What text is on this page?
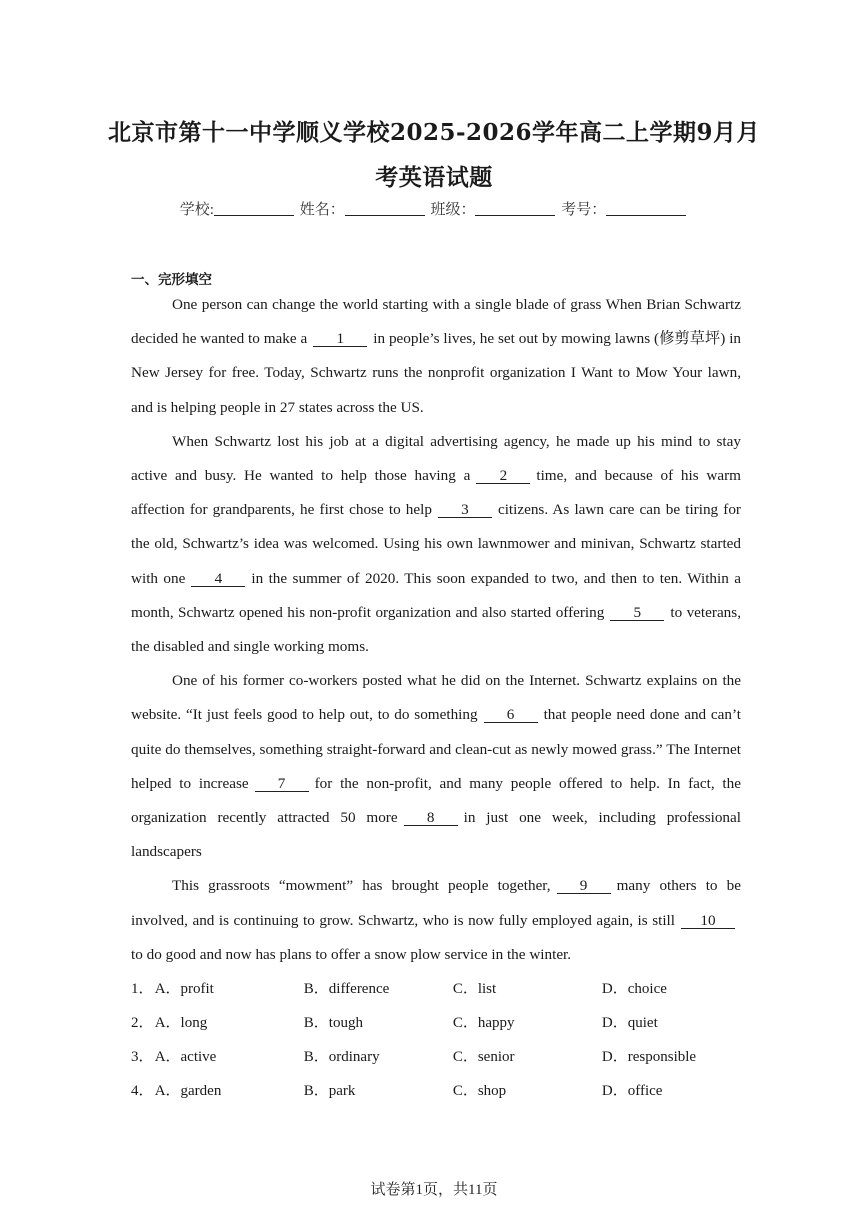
北京市第十一中学顺义学校2025-2026学年高二上学期9月月
考英语试题
学校:	姓名：	班级：	考号：
一、完形填空

One person can change the world starting with a single blade of grass When Brian Schwartz decided he wanted to make a 1 in people’s lives, he set out by mowing lawns (修剪草坪) in New Jersey for free. Today, Schwartz runs the nonprofit organization I Want to Mow Your lawn, and is helping people in 27 states across the US.

When Schwartz lost his job at a digital advertising agency, he made up his mind to stay active and busy. He wanted to help those having a 2 time, and because of his warm affection for grandparents, he first chose to help 3 citizens. As lawn care can be tiring for the old, Schwartz’s idea was welcomed. Using his own lawnmower and minivan, Schwartz started with one 4 in the summer of 2020. This soon expanded to two, and then to ten. Within a month, Schwartz opened his non-profit organization and also started offering 5 to veterans, the disabled and single working moms.

One of his former co-workers posted what he did on the Internet. Schwartz explains on the website. “It just feels good to help out, to do something 6 that people need done and can’t quite do themselves, something straight-forward and clean-cut as newly mowed grass.” The Internet helped to increase 7 for the non-profit, and many people offered to help. In fact, the organization recently attracted 50 more 8 in just one week, including professional landscapers

This grassroots “mowment” has brought people together, 9 many others to be involved, and is continuing to grow. Schwartz, who is now fully employed again, is still 10to do good and now has plans to offer a snow plow service in the winter.

1． A．profit	B．difference	C．list	D．choice
2． A．long	B．tough	C．happy	D．quiet
3． A．active	B．ordinary	C．senior	D．responsible
4． A．garden	B．park	C．shop	D．office
试卷第1页，共11页
